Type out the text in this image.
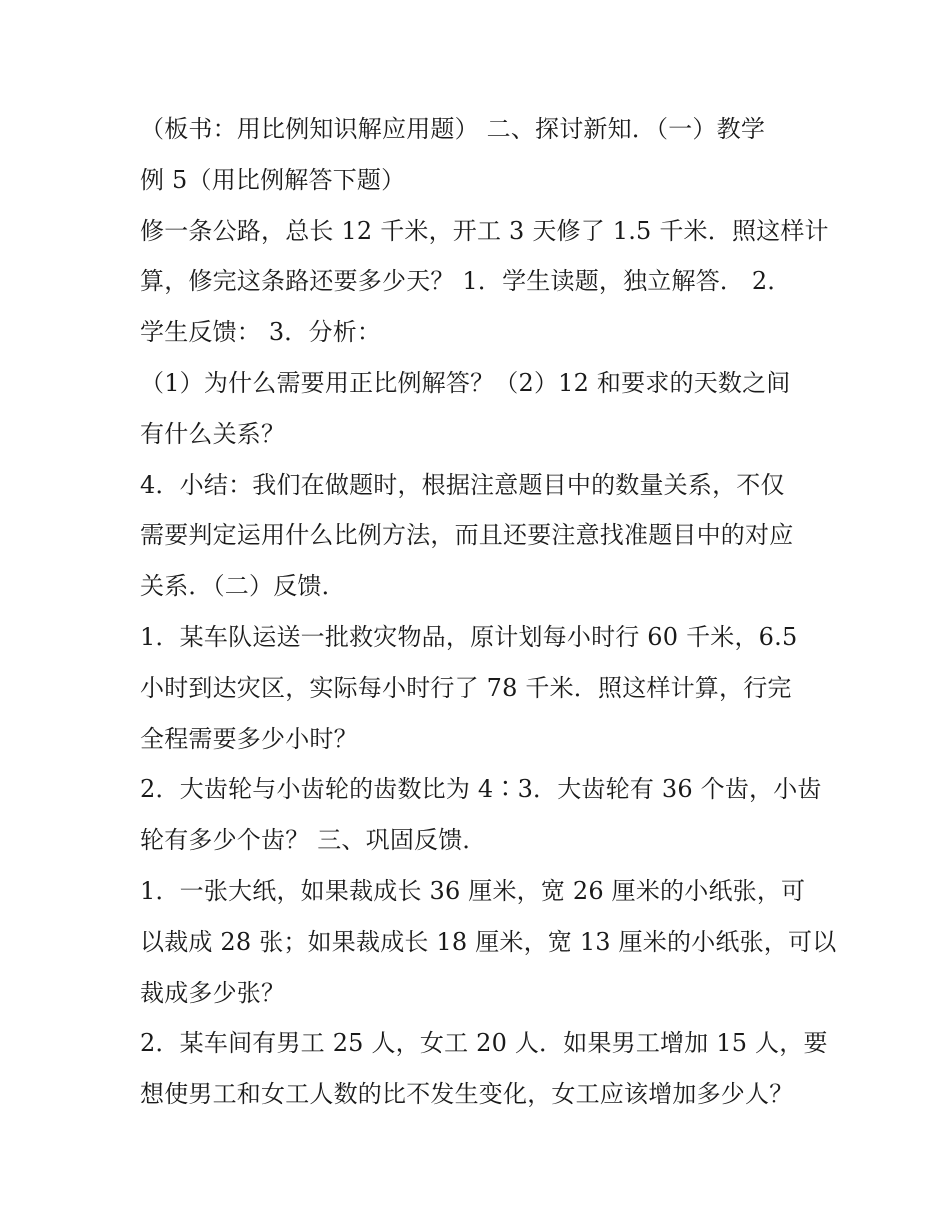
（板书：用比例知识解应用题） 二、探讨新知．（一）教学
例 5（用比例解答下题）
修一条公路，总长 12 千米，开工 3 天修了 1.5 千米．照这样计
算，修完这条路还要多少天？ 1．学生读题，独立解答． 2．
学生反馈： 3．分析：
（1）为什么需要用正比例解答？（2）12 和要求的天数之间
有什么关系？
4．小结：我们在做题时，根据注意题目中的数量关系，不仅
需要判定运用什么比例方法，而且还要注意找准题目中的对应
关系．（二）反馈．
1．某车队运送一批救灾物品，原计划每小时行 60 千米，6.5
小时到达灾区，实际每小时行了 78 千米．照这样计算，行完
全程需要多少小时？
2．大齿轮与小齿轮的齿数比为 4∶3．大齿轮有 36 个齿，小齿
轮有多少个齿？ 三、巩固反馈．
1．一张大纸，如果裁成长 36 厘米，宽 26 厘米的小纸张，可
以裁成 28 张；如果裁成长 18 厘米，宽 13 厘米的小纸张，可以
裁成多少张？
2．某车间有男工 25 人，女工 20 人．如果男工增加 15 人，要
想使男工和女工人数的比不发生变化，女工应该增加多少人？
